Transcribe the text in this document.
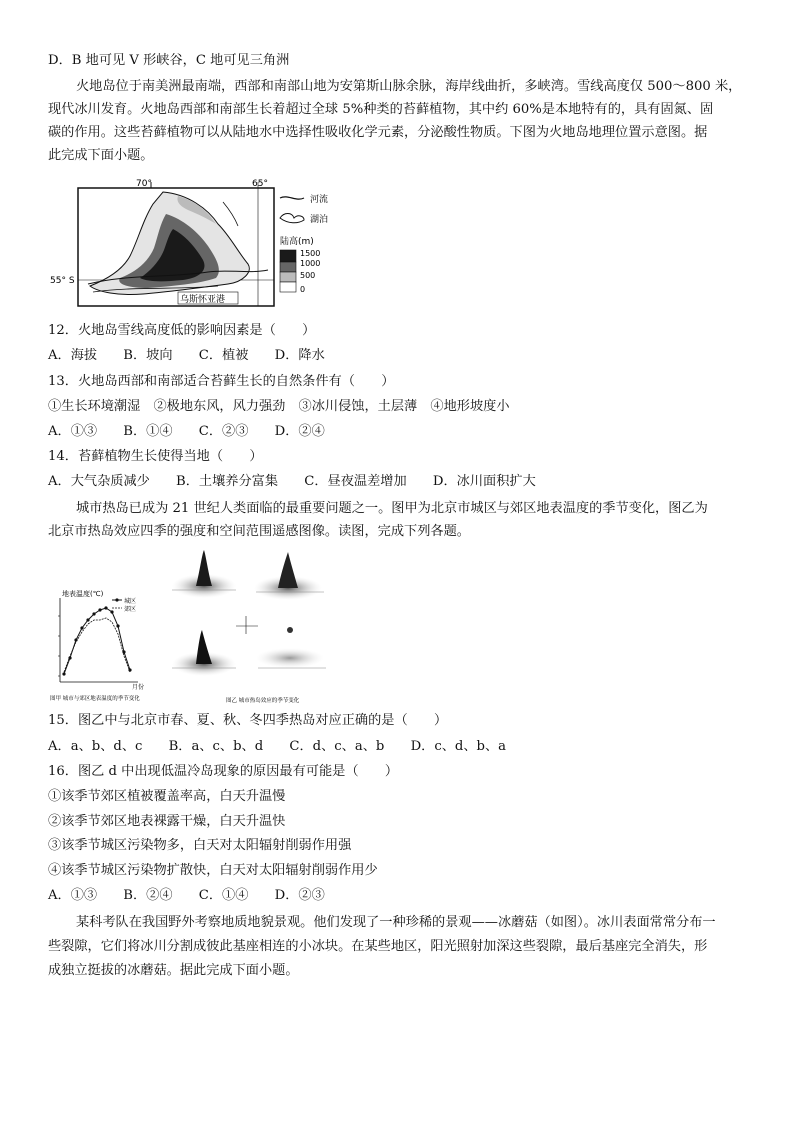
D．B 地可见 V 形峡谷，C 地可见三角洲
火地岛位于南美洲最南端，西部和南部山地为安第斯山脉余脉，海岸线曲折，多峡湾。雪线高度仅 500～800 米，
现代冰川发育。火地岛西部和南部生长着超过全球 5%种类的苔藓植物，其中约 60%是本地特有的，具有固氮、固
碳的作用。这些苔藓植物可以从陆地水中选择性吸收化学元素，分泌酸性物质。下图为火地岛地理位置示意图。据
此完成下面小题。
70°	65°
55° S
乌斯怀亚港
河流
湖泊
陆高(m)
1500
1000
500
0
12．火地岛雪线高度低的影响因素是（　　）
A．海拔 B．坡向 C．植被 D．降水
13．火地岛西部和南部适合苔藓生长的自然条件有（　　）
①生长环境潮湿　②极地东风，风力强劲　③冰川侵蚀，土层薄　④地形坡度小
A．①③ B．①④ C．②③ D．②④
14．苔藓植物生长使得当地（　　）
A．大气杂质减少 B．土壤养分富集 C．昼夜温差增加 D．冰川面积扩大
城市热岛已成为 21 世纪人类面临的最重要问题之一。图甲为北京市城区与郊区地表温度的季节变化，图乙为
北京市热岛效应四季的强度和空间范围遥感图像。读图，完成下列各题。
地表温度(℃)
城区
郊区
月份
图甲 城市与郊区地表温度的季节变化	图乙 城市热岛效应的季节变化
15．图乙中与北京市春、夏、秋、冬四季热岛对应正确的是（　　）
A．a、b、d、c B．a、c、b、d C．d、c、a、b D．c、d、b、a
16．图乙 d 中出现低温冷岛现象的原因最有可能是（　　）
①该季节郊区植被覆盖率高，白天升温慢
②该季节郊区地表裸露干燥，白天升温快
③该季节城区污染物多，白天对太阳辐射削弱作用强
④该季节城区污染物扩散快，白天对太阳辐射削弱作用少
A．①③ B．②④ C．①④ D．②③
某科考队在我国野外考察地质地貌景观。他们发现了一种珍稀的景观——冰蘑菇（如图）。冰川表面常常分布一
些裂隙，它们将冰川分割成彼此基座相连的小冰块。在某些地区，阳光照射加深这些裂隙，最后基座完全消失，形
成独立挺拔的冰蘑菇。据此完成下面小题。
